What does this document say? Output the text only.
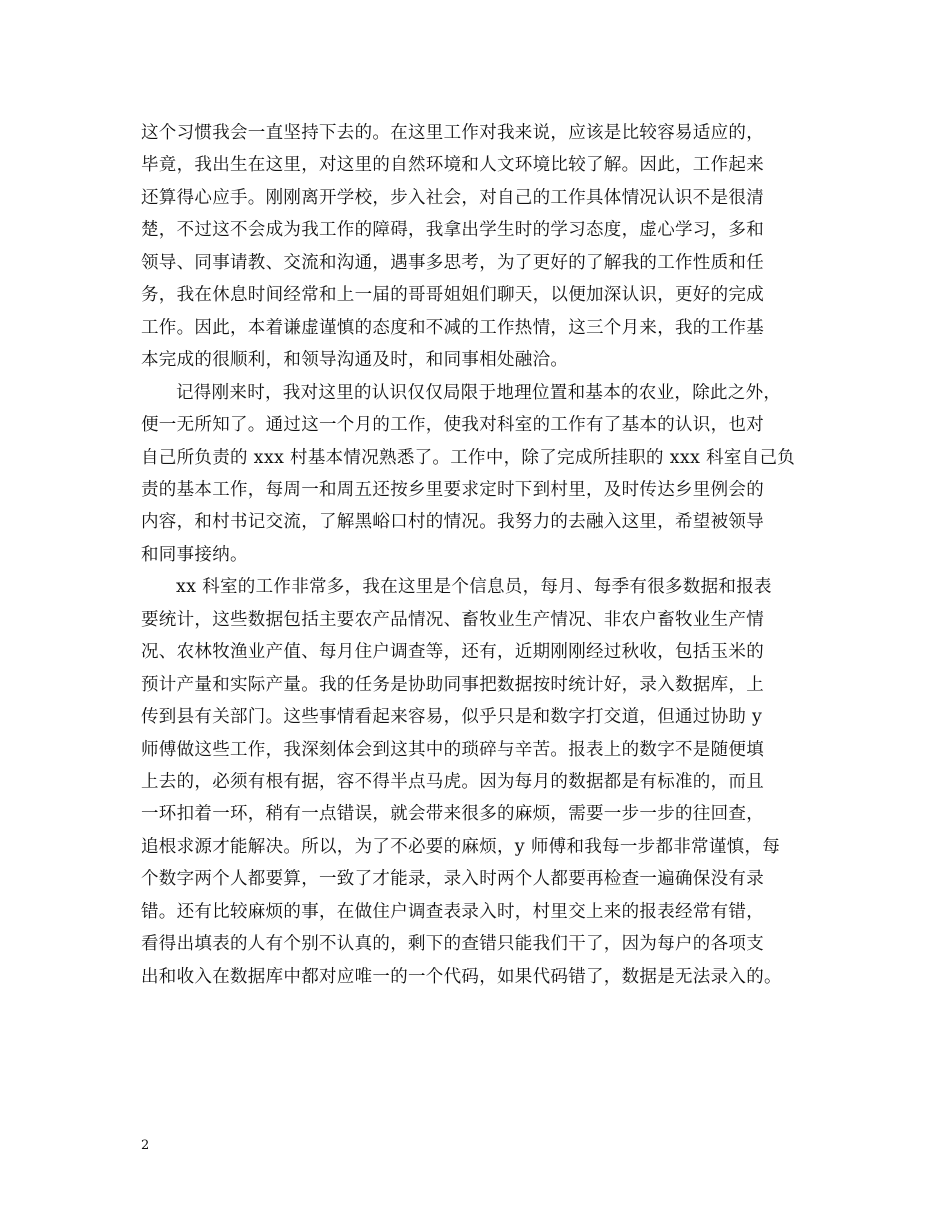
这个习惯我会一直坚持下去的。在这里工作对我来说，应该是比较容易适应的，
毕竟，我出生在这里，对这里的自然环境和人文环境比较了解。因此，工作起来
还算得心应手。刚刚离开学校，步入社会，对自己的工作具体情况认识不是很清
楚，不过这不会成为我工作的障碍，我拿出学生时的学习态度，虚心学习，多和
领导、同事请教、交流和沟通，遇事多思考，为了更好的了解我的工作性质和任
务，我在休息时间经常和上一届的哥哥姐姐们聊天，以便加深认识，更好的完成
工作。因此，本着谦虚谨慎的态度和不减的工作热情，这三个月来，我的工作基
本完成的很顺利，和领导沟通及时，和同事相处融洽。
记得刚来时，我对这里的认识仅仅局限于地理位置和基本的农业，除此之外，
便一无所知了。通过这一个月的工作，使我对科室的工作有了基本的认识，也对
自己所负责的 xxx 村基本情况熟悉了。工作中，除了完成所挂职的 xxx 科室自己负
责的基本工作，每周一和周五还按乡里要求定时下到村里，及时传达乡里例会的
内容，和村书记交流，了解黑峪口村的情况。我努力的去融入这里，希望被领导
和同事接纳。
xx 科室的工作非常多，我在这里是个信息员，每月、每季有很多数据和报表
要统计，这些数据包括主要农产品情况、畜牧业生产情况、非农户畜牧业生产情
况、农林牧渔业产值、每月住户调查等，还有，近期刚刚经过秋收，包括玉米的
预计产量和实际产量。我的任务是协助同事把数据按时统计好，录入数据库，上
传到县有关部门。这些事情看起来容易，似乎只是和数字打交道，但通过协助 y
师傅做这些工作，我深刻体会到这其中的琐碎与辛苦。报表上的数字不是随便填
上去的，必须有根有据，容不得半点马虎。因为每月的数据都是有标准的，而且
一环扣着一环，稍有一点错误，就会带来很多的麻烦，需要一步一步的往回查，
追根求源才能解决。所以，为了不必要的麻烦，y 师傅和我每一步都非常谨慎，每
个数字两个人都要算，一致了才能录，录入时两个人都要再检查一遍确保没有录
错。还有比较麻烦的事，在做住户调查表录入时，村里交上来的报表经常有错，
看得出填表的人有个别不认真的，剩下的查错只能我们干了，因为每户的各项支
出和收入在数据库中都对应唯一的一个代码，如果代码错了，数据是无法录入的。
2
